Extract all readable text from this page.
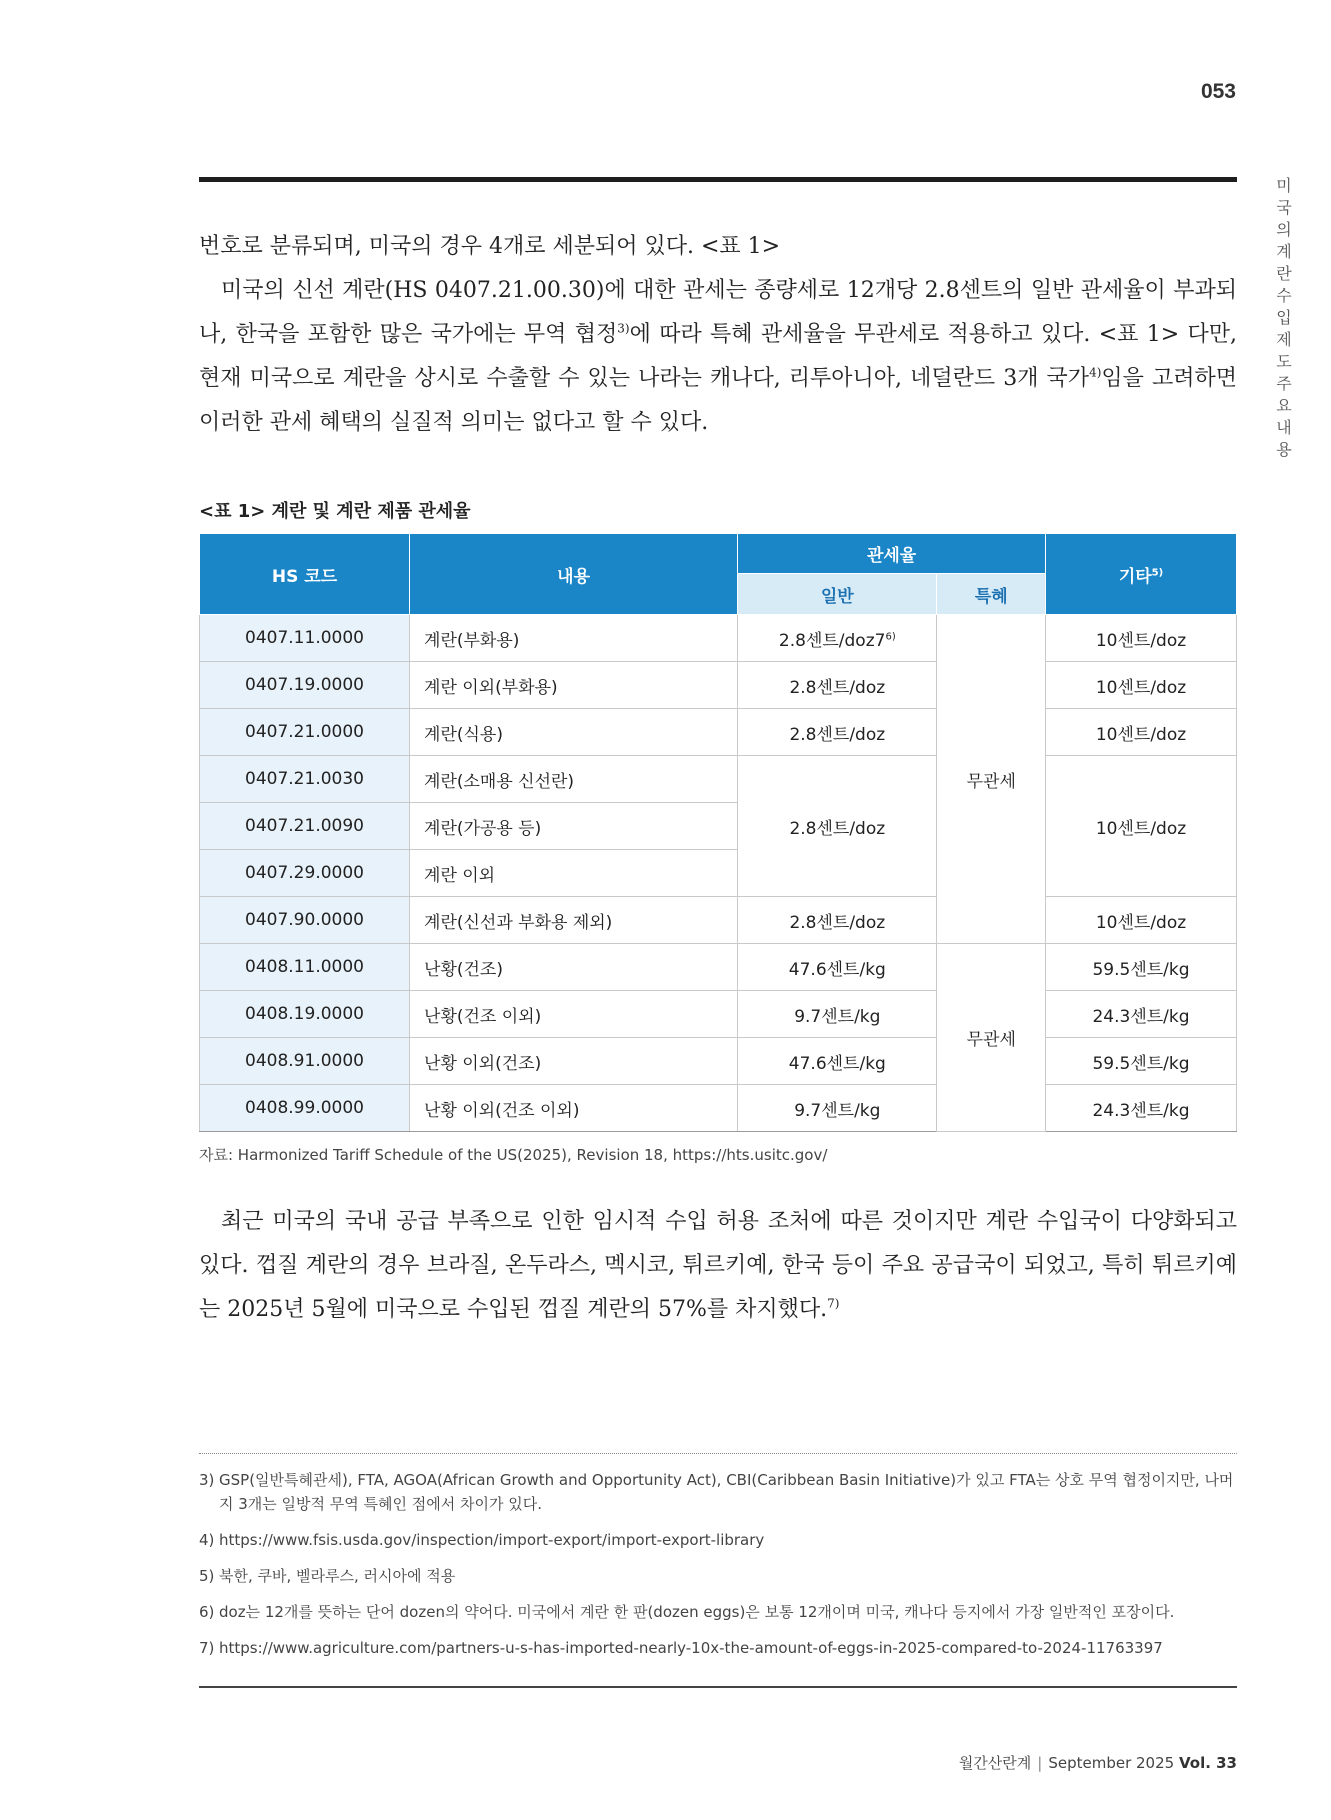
053
미국의계란수입제도주요내용

번호로 분류되며, 미국의 경우 4개로 세분되어 있다. <표 1>

미국의 신선 계란(HS 0407.21.00.30)에 대한 관세는 종량세로 12개당 2.8센트의 일반 관세율이 부과되나, 한국을 포함한 많은 국가에는 무역 협정$^{3)}$에 따라 특혜 관세율을 무관세로 적용하고 있다. <표 1> 다만, 현재 미국으로 계란을 상시로 수출할 수 있는 나라는 캐나다, 리투아니아, 네덜란드 3개 국가$^{4)}$임을 고려하면 이러한 관세 혜택의 실질적 의미는 없다고 할 수 있다.

<표 1> 계란 및 계란 제품 관세율
HS 코드	내용	관세율		기타$^{5)}$
		일반	특혜	
0407.11.0000	계란(부화용)	2.8센트/doz7$^{6)}$	무관세	10센트/doz
0407.19.0000	계란 이외(부화용)	2.8센트/doz		10센트/doz
0407.21.0000	계란(식용)	2.8센트/doz		10센트/doz
0407.21.0030	계란(소매용 신선란)	2.8센트/doz		10센트/doz
0407.21.0090	계란(가공용 등)			
0407.29.0000	계란 이외			
0407.90.0000	계란(신선과 부화용 제외)	2.8센트/doz		10센트/doz
0408.11.0000	난황(건조)	47.6센트/kg	무관세	59.5센트/kg
0408.19.0000	난황(건조 이외)	9.7센트/kg		24.3센트/kg
0408.91.0000	난황 이외(건조)	47.6센트/kg		59.5센트/kg
0408.99.0000	난황 이외(건조 이외)	9.7센트/kg		24.3센트/kg
자료: Harmonized Tariff Schedule of the US(2025), Revision 18, https://hts.usitc.gov/

최근 미국의 국내 공급 부족으로 인한 임시적 수입 허용 조처에 따른 것이지만 계란 수입국이 다양화되고 있다. 껍질 계란의 경우 브라질, 온두라스, 멕시코, 튀르키예, 한국 등이 주요 공급국이 되었고, 특히 튀르키예는 2025년 5월에 미국으로 수입된 껍질 계란의 57%를 차지했다.$^{7)}$

3) GSP(일반특혜관세), FTA, AGOA(African Growth and Opportunity Act), CBI(Caribbean Basin Initiative)가 있고 FTA는 상호 무역 협정이지만, 나머지 3개는 일방적 무역 특혜인 점에서 차이가 있다.
4) https://www.fsis.usda.gov/inspection/import-export/import-export-library
5) 북한, 쿠바, 벨라루스, 러시아에 적용
6) doz는 12개를 뜻하는 단어 dozen의 약어다. 미국에서 계란 한 판(dozen eggs)은 보통 12개이며 미국, 캐나다 등지에서 가장 일반적인 포장이다.
7) https://www.agriculture.com/partners-u-s-has-imported-nearly-10x-the-amount-of-eggs-in-2025-compared-to-2024-11763397
월간산란계 | September 2025 Vol. 33
